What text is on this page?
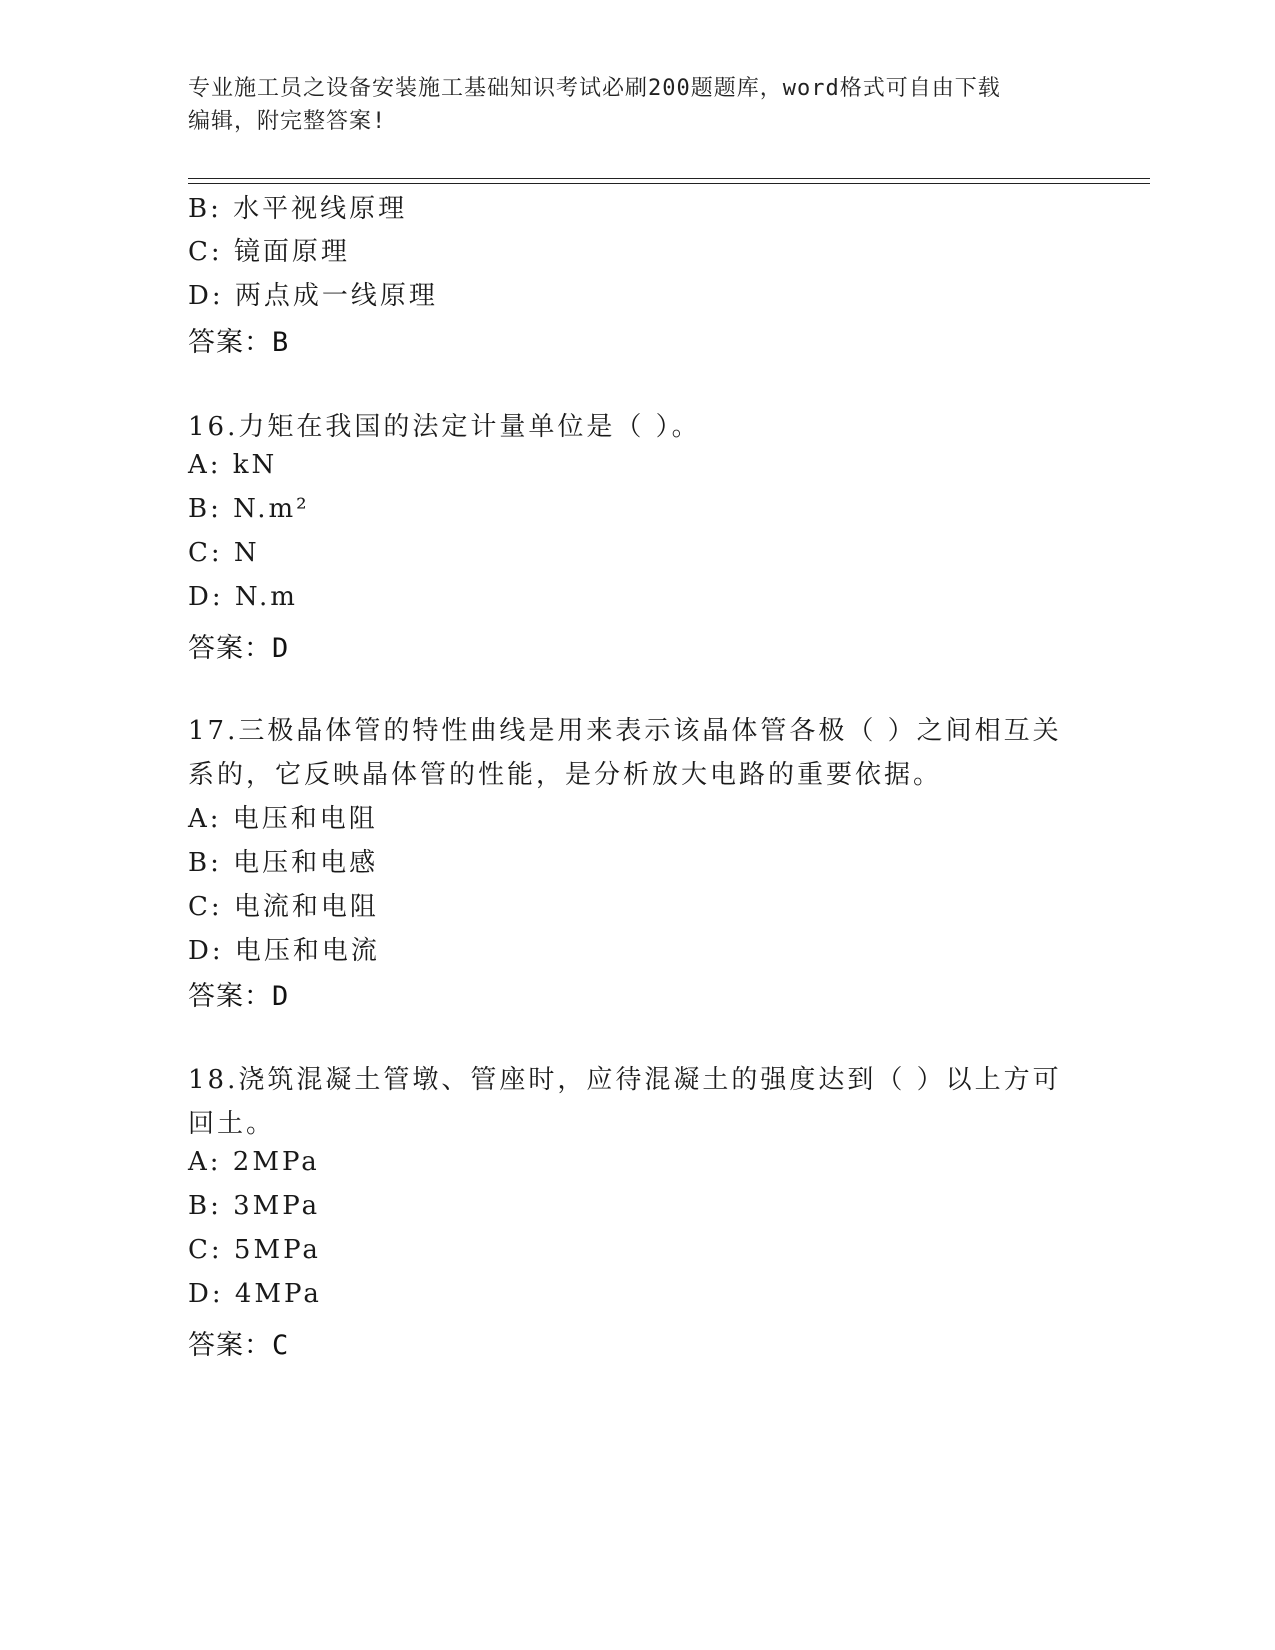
专业施工员之设备安装施工基础知识考试必刷200题题库，word格式可自由下载
编辑，附完整答案!
B: 水平视线原理
C: 镜面原理
D: 两点成一线原理
答案：B
16.力矩在我国的法定计量单位是（ ）。
A: kN
B: N.m²
C: N
D: N.m
答案：D
17.三极晶体管的特性曲线是用来表示该晶体管各极（ ）之间相互关
系的，它反映晶体管的性能，是分析放大电路的重要依据。
A: 电压和电阻
B: 电压和电感
C: 电流和电阻
D: 电压和电流
答案：D
18.浇筑混凝土管墩、管座时，应待混凝土的强度达到（ ）以上方可
回土。
A: 2MPa
B: 3MPa
C: 5MPa
D: 4MPa
答案：C
